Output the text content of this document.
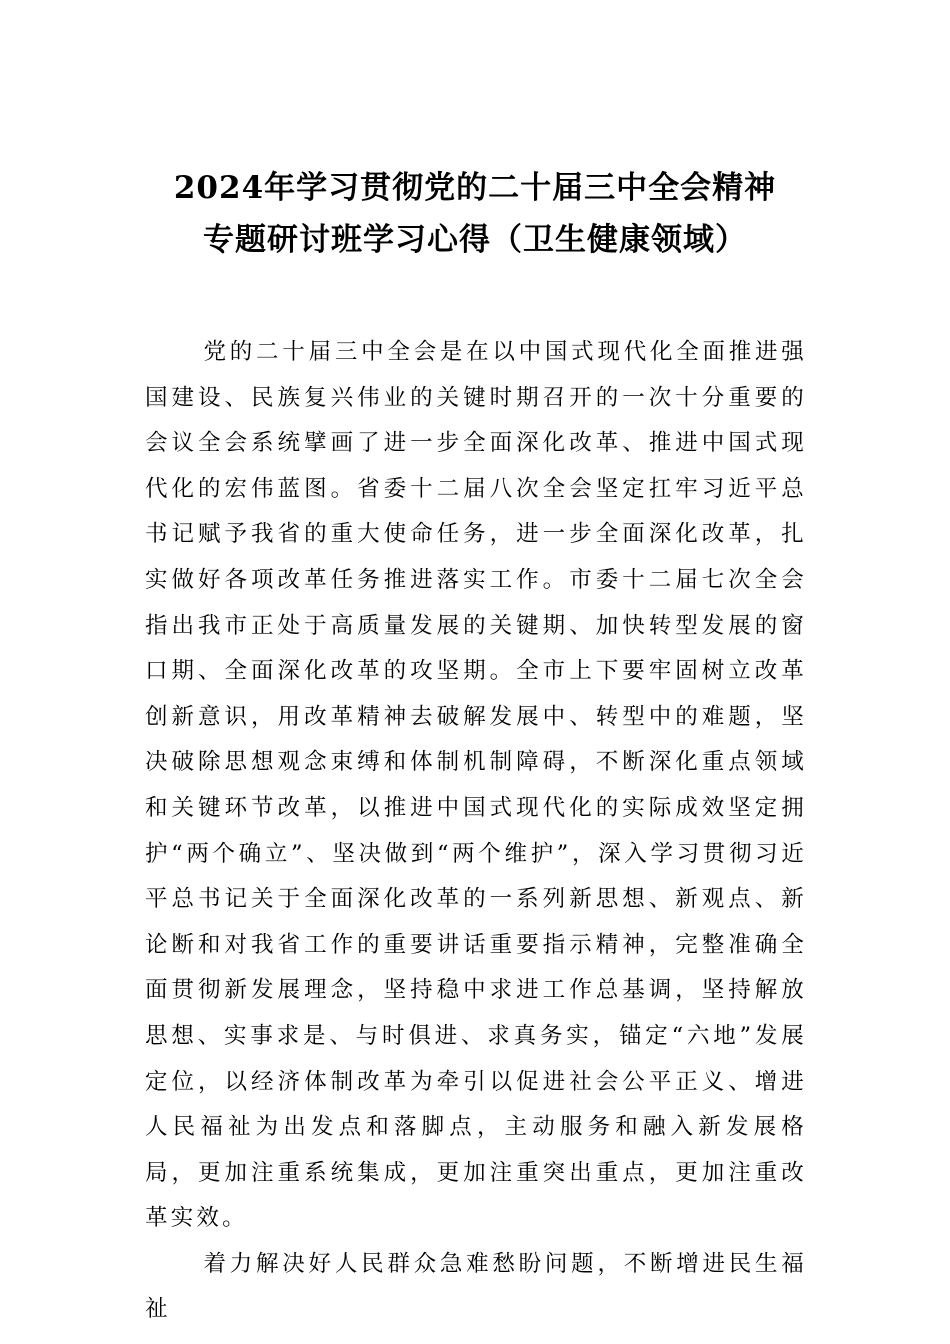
2024年学习贯彻党的二十届三中全会精神
专题研讨班学习心得（卫生健康领域）

党的二十届三中全会是在以中国式现代化全面推进强国建设、民族复兴伟业的关键时期召开的一次十分重要的会议全会系统擘画了进一步全面深化改革、推进中国式现代化的宏伟蓝图。省委十二届八次全会坚定扛牢习近平总书记赋予我省的重大使命任务，进一步全面深化改革，扎实做好各项改革任务推进落实工作。市委十二届七次全会指出我市正处于高质量发展的关键期、加快转型发展的窗口期、全面深化改革的攻坚期。全市上下要牢固树立改革创新意识，用改革精神去破解发展中、转型中的难题，坚决破除思想观念束缚和体制机制障碍，不断深化重点领域和关键环节改革，以推进中国式现代化的实际成效坚定拥护“两个确立”、坚决做到“两个维护”，深入学习贯彻习近平总书记关于全面深化改革的一系列新思想、新观点、新论断和对我省工作的重要讲话重要指示精神，完整准确全面贯彻新发展理念，坚持稳中求进工作总基调，坚持解放思想、实事求是、与时俱进、求真务实，锚定“六地”发展定位，以经济体制改革为牵引以促进社会公平正义、增进人民福祉为出发点和落脚点，主动服务和融入新发展格局，更加注重系统集成，更加注重突出重点，更加注重改革实效。

着力解决好人民群众急难愁盼问题，不断增进民生福祉
